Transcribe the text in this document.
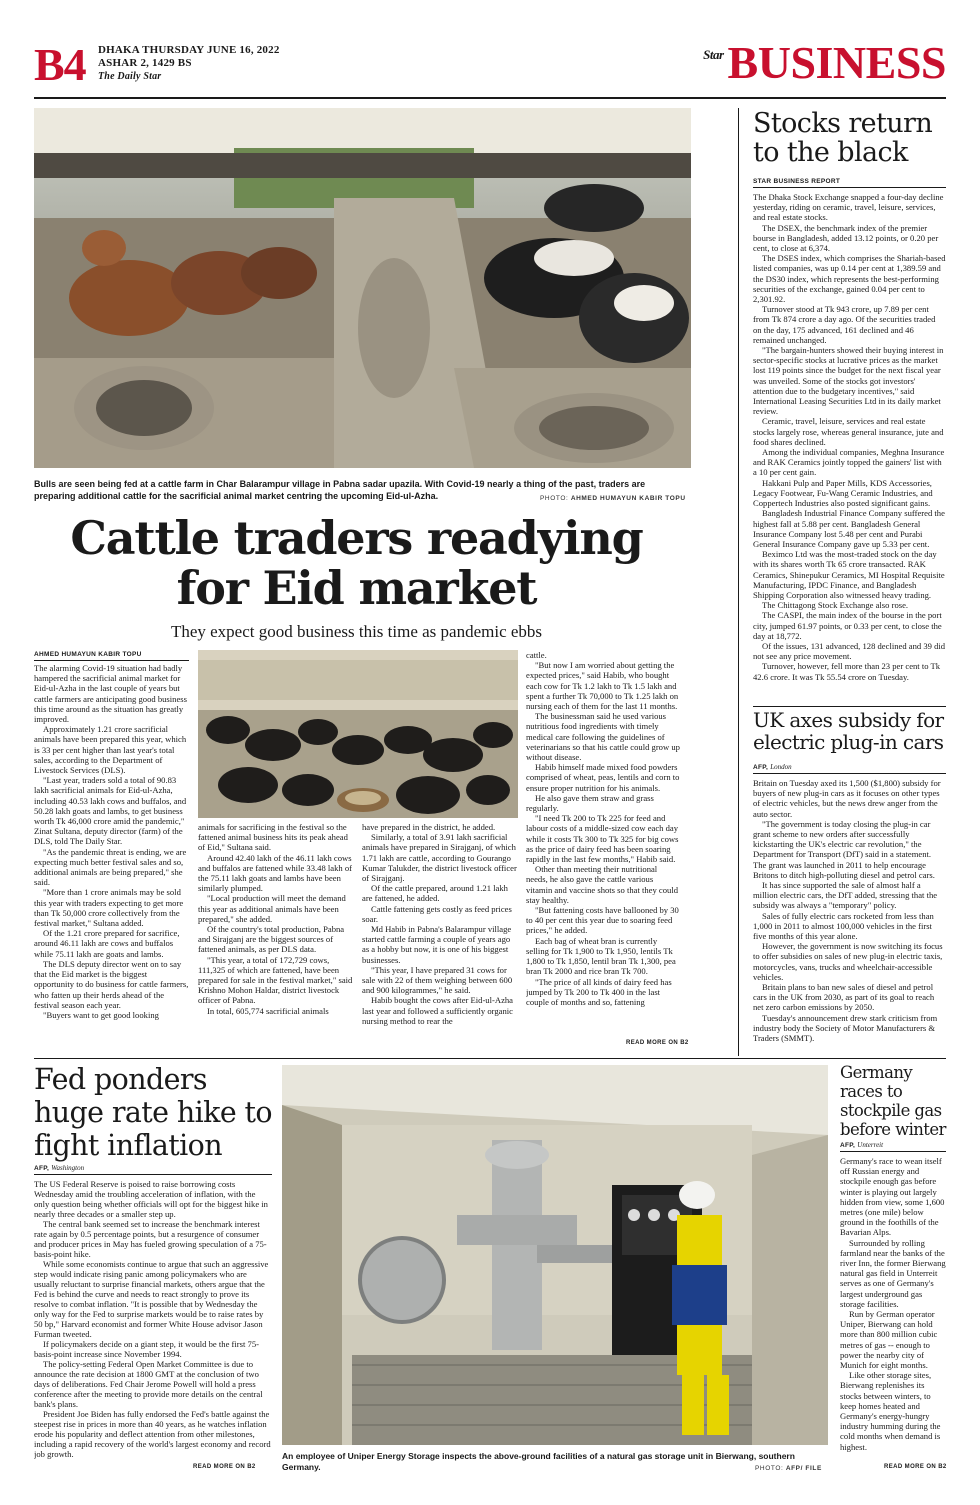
B4 DHAKA THURSDAY JUNE 16, 2022
ASHAR 2, 1429 BS
The Daily Star
$^{Star}$BUSINESS
Bulls are seen being fed at a cattle farm in Char Balarampur village in Pabna sadar upazila. With Covid-19 nearly a thing of the past, traders are preparing additional cattle for the sacrificial animal market centring the upcoming Eid-ul-Azha.	PHOTO: AHMED HUMAYUN KABIR TOPU
Cattle traders readying
for Eid market
They expect good business this time as pandemic ebbs
AHMED HUMAYUN KABIR TOPU

The alarming Covid-19 situation had badly hampered the sacrificial animal market for Eid-ul-Azha in the last couple of years but cattle farmers are anticipating good business this time around as the situation has greatly improved.

Approximately 1.21 crore sacrificial animals have been prepared this year, which is 33 per cent higher than last year's total sales, according to the Department of Livestock Services (DLS).

"Last year, traders sold a total of 90.83 lakh sacrificial animals for Eid-ul-Azha, including 40.53 lakh cows and buffalos, and 50.28 lakh goats and lambs, to get business worth Tk 46,000 crore amid the pandemic," Zinat Sultana, deputy director (farm) of the DLS, told The Daily Star.

"As the pandemic threat is ending, we are expecting much better festival sales and so, additional animals are being prepared," she said.

"More than 1 crore animals may be sold this year with traders expecting to get more than Tk 50,000 crore collectively from the festival market," Sultana added.

Of the 1.21 crore prepared for sacrifice, around 46.11 lakh are cows and buffalos while 75.11 lakh are goats and lambs.

The DLS deputy director went on to say that the Eid market is the biggest opportunity to do business for cattle farmers, who fatten up their herds ahead of the festival season each year.

"Buyers want to get good looking

animals for sacrificing in the festival so the fattened animal business hits its peak ahead of Eid," Sultana said.

Around 42.40 lakh of the 46.11 lakh cows and buffalos are fattened while 33.48 lakh of the 75.11 lakh goats and lambs have been similarly plumped.

"Local production will meet the demand this year as additional animals have been prepared," she added.

Of the country's total production, Pabna and Sirajganj are the biggest sources of fattened animals, as per DLS data.

"This year, a total of 172,729 cows, 111,325 of which are fattened, have been prepared for sale in the festival market," said Krishno Mohon Haldar, district livestock officer of Pabna.

In total, 605,774 sacrificial animals

have prepared in the district, he added.

Similarly, a total of 3.91 lakh sacrificial animals have prepared in Sirajganj, of which 1.71 lakh are cattle, according to Gourango Kumar Talukder, the district livestock officer of Sirajganj.

Of the cattle prepared, around 1.21 lakh are fattened, he added.

Cattle fattening gets costly as feed prices soar.

Md Habib in Pabna's Balarampur village started cattle farming a couple of years ago as a hobby but now, it is one of his biggest businesses.

"This year, I have prepared 31 cows for sale with 22 of them weighing between 600 and 900 kilogrammes," he said.

Habib bought the cows after Eid-ul-Azha last year and followed a sufficiently organic nursing method to rear the

cattle.

"But now I am worried about getting the expected prices," said Habib, who bought each cow for Tk 1.2 lakh to Tk 1.5 lakh and spent a further Tk 70,000 to Tk 1.25 lakh on nursing each of them for the last 11 months.

The businessman said he used various nutritious food ingredients with timely medical care following the guidelines of veterinarians so that his cattle could grow up without disease.

Habib himself made mixed food powders comprised of wheat, peas, lentils and corn to ensure proper nutrition for his animals.

He also gave them straw and grass regularly.

"I need Tk 200 to Tk 225 for feed and labour costs of a middle-sized cow each day while it costs Tk 300 to Tk 325 for big cows as the price of dairy feed has been soaring rapidly in the last few months," Habib said.

Other than meeting their nutritional needs, he also gave the cattle various vitamin and vaccine shots so that they could stay healthy.

"But fattening costs have ballooned by 30 to 40 per cent this year due to soaring feed prices," he added.

Each bag of wheat bran is currently selling for Tk 1,900 to Tk 1,950, lentils Tk 1,800 to Tk 1,850, lentil bran Tk 1,300, pea bran Tk 2000 and rice bran Tk 700.

"The price of all kinds of dairy feed has jumped by Tk 200 to Tk 400 in the last couple of months and so, fattening

READ MORE ON B2
Stocks return to the black
STAR BUSINESS REPORT

The Dhaka Stock Exchange snapped a four-day decline yesterday, riding on ceramic, travel, leisure, services, and real estate stocks.

The DSEX, the benchmark index of the premier bourse in Bangladesh, added 13.12 points, or 0.20 per cent, to close at 6,374.

The DSES index, which comprises the Shariah-based listed companies, was up 0.14 per cent at 1,389.59 and the DS30 index, which represents the best-performing securities of the exchange, gained 0.04 per cent to 2,301.92.

Turnover stood at Tk 943 crore, up 7.89 per cent from Tk 874 crore a day ago. Of the securities traded on the day, 175 advanced, 161 declined and 46 remained unchanged.

"The bargain-hunters showed their buying interest in sector-specific stocks at lucrative prices as the market lost 119 points since the budget for the next fiscal year was unveiled. Some of the stocks got investors' attention due to the budgetary incentives," said International Leasing Securities Ltd in its daily market review.

Ceramic, travel, leisure, services and real estate stocks largely rose, whereas general insurance, jute and food shares declined.

Among the individual companies, Meghna Insurance and RAK Ceramics jointly topped the gainers' list with a 10 per cent gain.

Hakkani Pulp and Paper Mills, KDS Accessories, Legacy Footwear, Fu-Wang Ceramic Industries, and Coppertech Industries also posted significant gains.

Bangladesh Industrial Finance Company suffered the highest fall at 5.88 per cent. Bangladesh General Insurance Company lost 5.48 per cent and Purabi General Insurance Company gave up 5.33 per cent.

Beximco Ltd was the most-traded stock on the day with its shares worth Tk 65 crore transacted. RAK Ceramics, Shinepukur Ceramics, MI Hospital Requisite Manufacturing, IPDC Finance, and Bangladesh Shipping Corporation also witnessed heavy trading.

The Chittagong Stock Exchange also rose.

The CASPI, the main index of the bourse in the port city, jumped 61.97 points, or 0.33 per cent, to close the day at 18,772.

Of the issues, 131 advanced, 128 declined and 39 did not see any price movement.

Turnover, however, fell more than 23 per cent to Tk 42.6 crore. It was Tk 55.54 crore on Tuesday.

UK axes subsidy for electric plug-in cars
AFP, London

Britain on Tuesday axed its 1,500 ($1,800) subsidy for buyers of new plug-in cars as it focuses on other types of electric vehicles, but the news drew anger from the auto sector.

"The government is today closing the plug-in car grant scheme to new orders after successfully kickstarting the UK's electric car revolution," the Department for Transport (DfT) said in a statement. The grant was launched in 2011 to help encourage Britons to ditch high-polluting diesel and petrol cars.

It has since supported the sale of almost half a million electric cars, the DfT added, stressing that the subsidy was always a "temporary" policy.

Sales of fully electric cars rocketed from less than 1,000 in 2011 to almost 100,000 vehicles in the first five months of this year alone.

However, the government is now switching its focus to offer subsidies on sales of new plug-in electric taxis, motorcycles, vans, trucks and wheelchair-accessible vehicles.

Britain plans to ban new sales of diesel and petrol cars in the UK from 2030, as part of its goal to reach net zero carbon emissions by 2050.

Tuesday's announcement drew stark criticism from industry body the Society of Motor Manufacturers & Traders (SMMT).

Fed ponders huge rate hike to fight inflation
AFP, Washington

The US Federal Reserve is poised to raise borrowing costs Wednesday amid the troubling acceleration of inflation, with the only question being whether officials will opt for the biggest hike in nearly three decades or a smaller step up.

The central bank seemed set to increase the benchmark interest rate again by 0.5 percentage points, but a resurgence of consumer and producer prices in May has fueled growing speculation of a 75-basis-point hike.

While some economists continue to argue that such an aggressive step would indicate rising panic among policymakers who are usually reluctant to surprise financial markets, others argue that the Fed is behind the curve and needs to react strongly to prove its resolve to combat inflation. "It is possible that by Wednesday the only way for the Fed to surprise markets would be to raise rates by 50 bp," Harvard economist and former White House advisor Jason Furman tweeted.

If policymakers decide on a giant step, it would be the first 75-basis-point increase since November 1994.

The policy-setting Federal Open Market Committee is due to announce the rate decision at 1800 GMT at the conclusion of two days of deliberations. Fed Chair Jerome Powell will hold a press conference after the meeting to provide more details on the central bank's plans.

President Joe Biden has fully endorsed the Fed's battle against the steepest rise in prices in more than 40 years, as he watches inflation erode his popularity and deflect attention from other milestones, including a rapid recovery of the world's largest economy and record job growth.

READ MORE ON B2
An employee of Uniper Energy Storage inspects the above-ground facilities of a natural gas storage unit in Bierwang, southern Germany.	PHOTO: AFP/ FILE
Germany races to stockpile gas before winter
AFP, Unterreit

Germany's race to wean itself off Russian energy and stockpile enough gas before winter is playing out largely hidden from view, some 1,600 metres (one mile) below ground in the foothills of the Bavarian Alps.

Surrounded by rolling farmland near the banks of the river Inn, the former Bierwang natural gas field in Unterreit serves as one of Germany's largest underground gas storage facilities.

Run by German operator Uniper, Bierwang can hold more than 800 million cubic metres of gas -- enough to power the nearby city of Munich for eight months.

Like other storage sites, Bierwang replenishes its stocks between winters, to keep homes heated and Germany's energy-hungry industry humming during the cold months when demand is highest.

READ MORE ON B2
